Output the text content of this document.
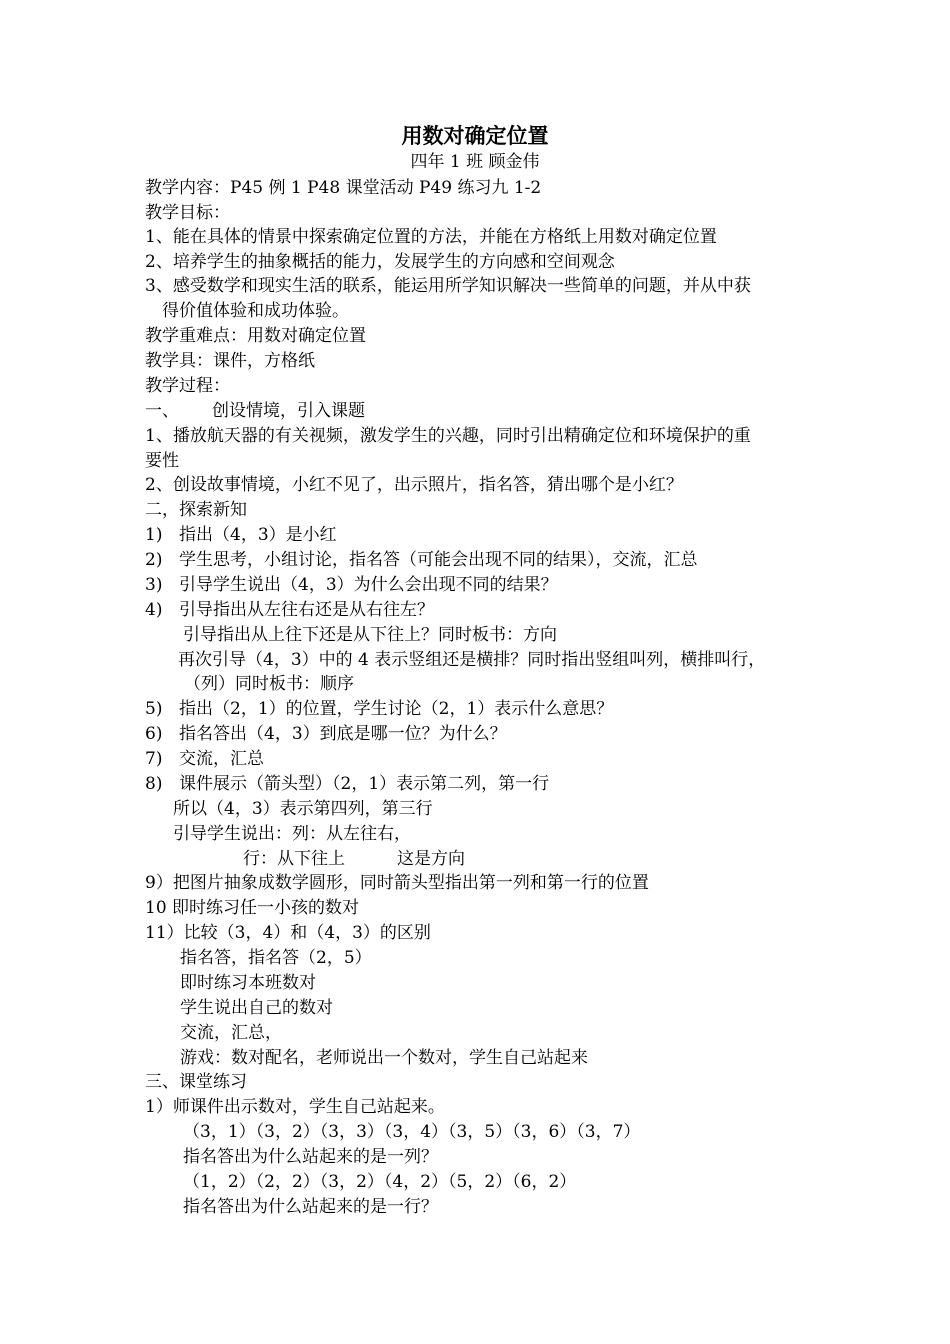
用数对确定位置
四年 1 班 顾金伟
教学内容：P45 例 1 P48 课堂活动 P49 练习九 1-2
教学目标：
1、能在具体的情景中探索确定位置的方法，并能在方格纸上用数对确定位置
2、培养学生的抽象概括的能力，发展学生的方向感和空间观念
3、感受数学和现实生活的联系，能运用所学知识解决一些简单的问题，并从中获
得价值体验和成功体验。
教学重难点：用数对确定位置
教学具：课件，方格纸
教学过程：
一、 创设情境，引入课题
1、播放航天器的有关视频，激发学生的兴趣，同时引出精确定位和环境保护的重
要性
2、创设故事情境，小红不见了，出示照片，指名答，猜出哪个是小红？
二，探索新知
1) 指出（4，3）是小红
2) 学生思考，小组讨论，指名答（可能会出现不同的结果），交流，汇总
3) 引导学生说出（4，3）为什么会出现不同的结果？
4) 引导指出从左往右还是从右往左？
引导指出从上往下还是从下往上？同时板书：方向
再次引导（4，3）中的 4 表示竖组还是横排？同时指出竖组叫列，横排叫行，
（列）同时板书：顺序
5) 指出（2，1）的位置，学生讨论（2，1）表示什么意思？
6) 指名答出（4，3）到底是哪一位？为什么？
7) 交流，汇总
8) 课件展示（箭头型）（2，1）表示第二列，第一行
所以（4，3）表示第四列，第三行
引导学生说出：列：从左往右，
行：从下往上	这是方向
9）把图片抽象成数学圆形，同时箭头型指出第一列和第一行的位置
10 即时练习任一小孩的数对
11）比较（3，4）和（4，3）的区别
指名答，指名答（2，5）
即时练习本班数对
学生说出自己的数对
交流，汇总，
游戏：数对配名，老师说出一个数对，学生自己站起来
三、课堂练习
1）师课件出示数对，学生自己站起来。
（3，1）（3，2）（3，3）（3，4）（3，5）（3，6）（3，7）
指名答出为什么站起来的是一列？
（1，2）（2，2）（3，2）（4，2）（5，2）（6，2）
指名答出为什么站起来的是一行？
